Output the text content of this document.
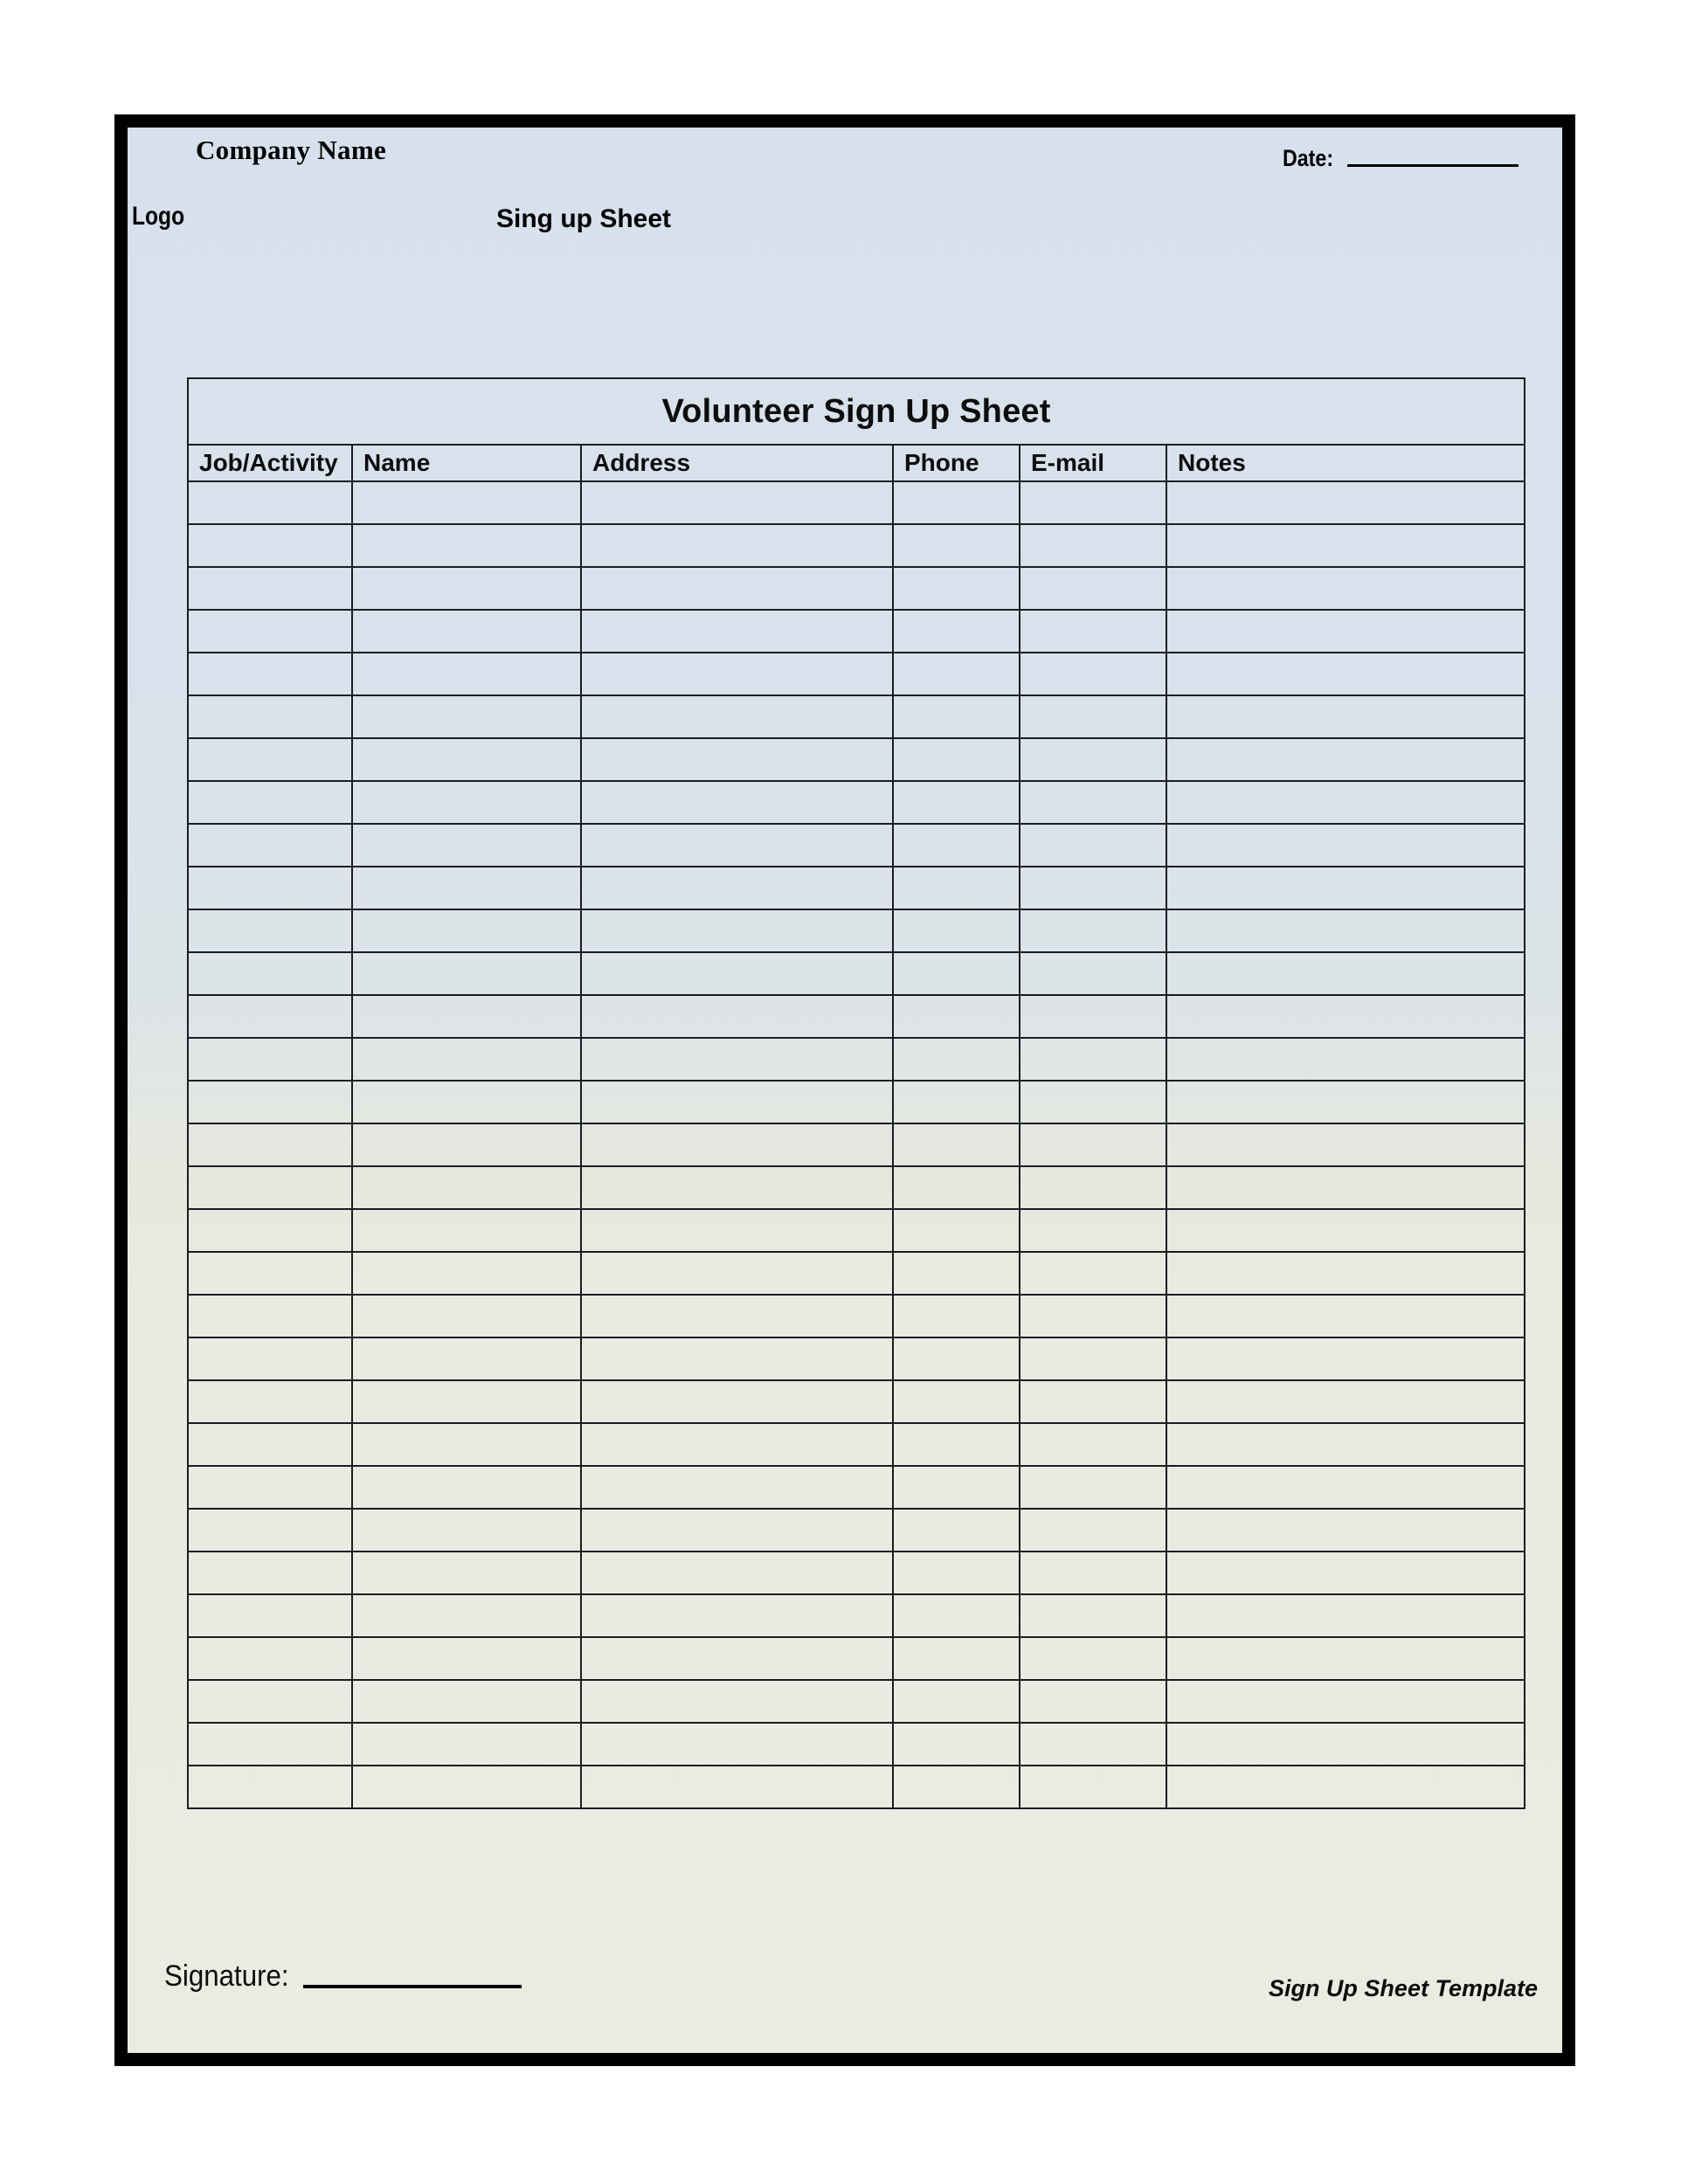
Company Name	Date:
Logo	Sing up Sheet
Volunteer Sign Up Sheet					
Job/Activity	Name	Address	Phone	E-mail	Notes

Signature:	Sign Up Sheet Template
